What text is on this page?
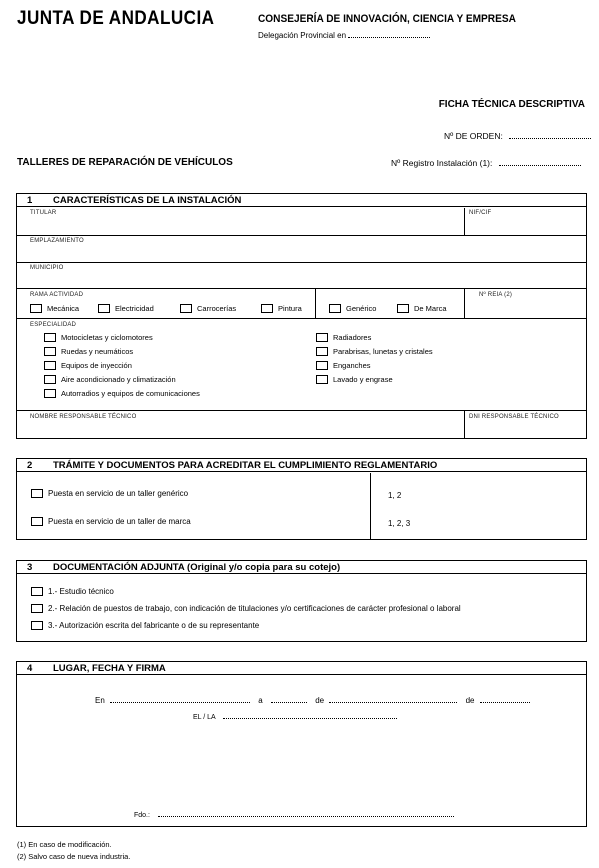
JUNTA DE ANDALUCIA	CONSEJERÍA DE INNOVACIÓN, CIENCIA Y EMPRESA
Delegación Provincial en
FICHA TÉCNICA DESCRIPTIVA
Nº DE ORDEN:
TALLERES DE REPARACIÓN DE VEHÍCULOS	Nº Registro Instalación (1):
1 CARACTERÍSTICAS DE LA INSTALACIÓN
TITULAR	NIF/CIF
EMPLAZAMIENTO
MUNICIPIO
RAMA ACTIVIDAD
Mecánica	Electricidad	Carrocerías	Pintura	Genérico	De Marca
Nº REIA (2)
ESPECIALIDAD
Motocicletas y ciclomotores
Ruedas y neumáticos
Equipos de inyección
Aire acondicionado y climatización
Autorradios y equipos de comunicaciones
Radiadores
Parabrisas, lunetas y cristales
Enganches
Lavado y engrase
NOMBRE RESPONSABLE TÉCNICO	DNI RESPONSABLE TÉCNICO
2 TRÁMITE Y DOCUMENTOS PARA ACREDITAR EL CUMPLIMIENTO REGLAMENTARIO
Puesta en servicio de un taller genérico	1, 2
Puesta en servicio de un taller de marca	1, 2, 3
3 DOCUMENTACIÓN ADJUNTA (Original y/o copia para su cotejo)
1.- Estudio técnico
2.- Relación de puestos de trabajo, con indicación de titulaciones y/o certificaciones de carácter profesional o laboral
3.- Autorización escrita del fabricante o de su representante
4 LUGAR, FECHA Y FIRMA
En	a	de	de
EL / LA
Fdo.:
(1) En caso de modificación.
(2) Salvo caso de nueva industria.
